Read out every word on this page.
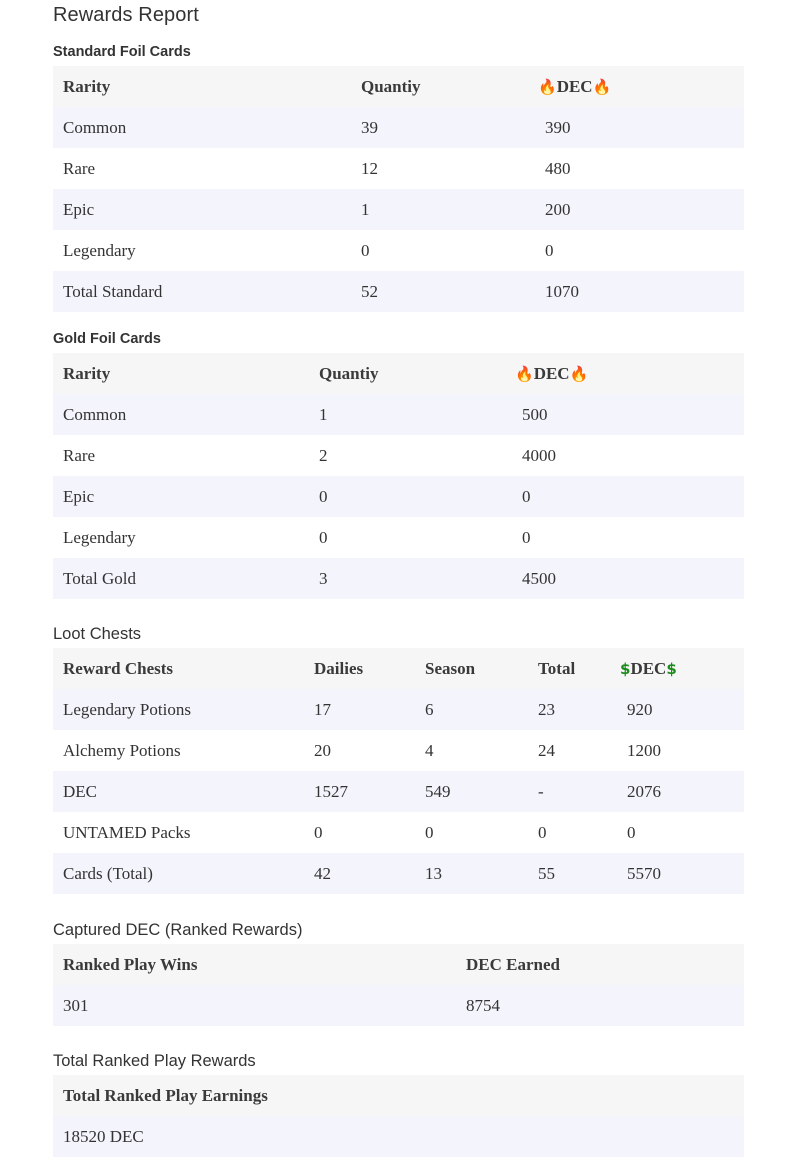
Rewards Report
Standard Foil Cards
Rarity	Quantiy	🔥DEC🔥
Common	39	390
Rare	12	480
Epic	1	200
Legendary	0	0
Total Standard	52	1070
Gold Foil Cards
Rarity	Quantiy	🔥DEC🔥
Common	1	500
Rare	2	4000
Epic	0	0
Legendary	0	0
Total Gold	3	4500
Loot Chests
Reward Chests	Dailies	Season	Total	$DEC$
Legendary Potions	17	6	23	920
Alchemy Potions	20	4	24	1200
DEC	1527	549	-	2076
UNTAMED Packs	0	0	0	0
Cards (Total)	42	13	55	5570
Captured DEC (Ranked Rewards)
Ranked Play Wins	DEC Earned
301	8754
Total Ranked Play Rewards
Total Ranked Play Earnings
18520 DEC
